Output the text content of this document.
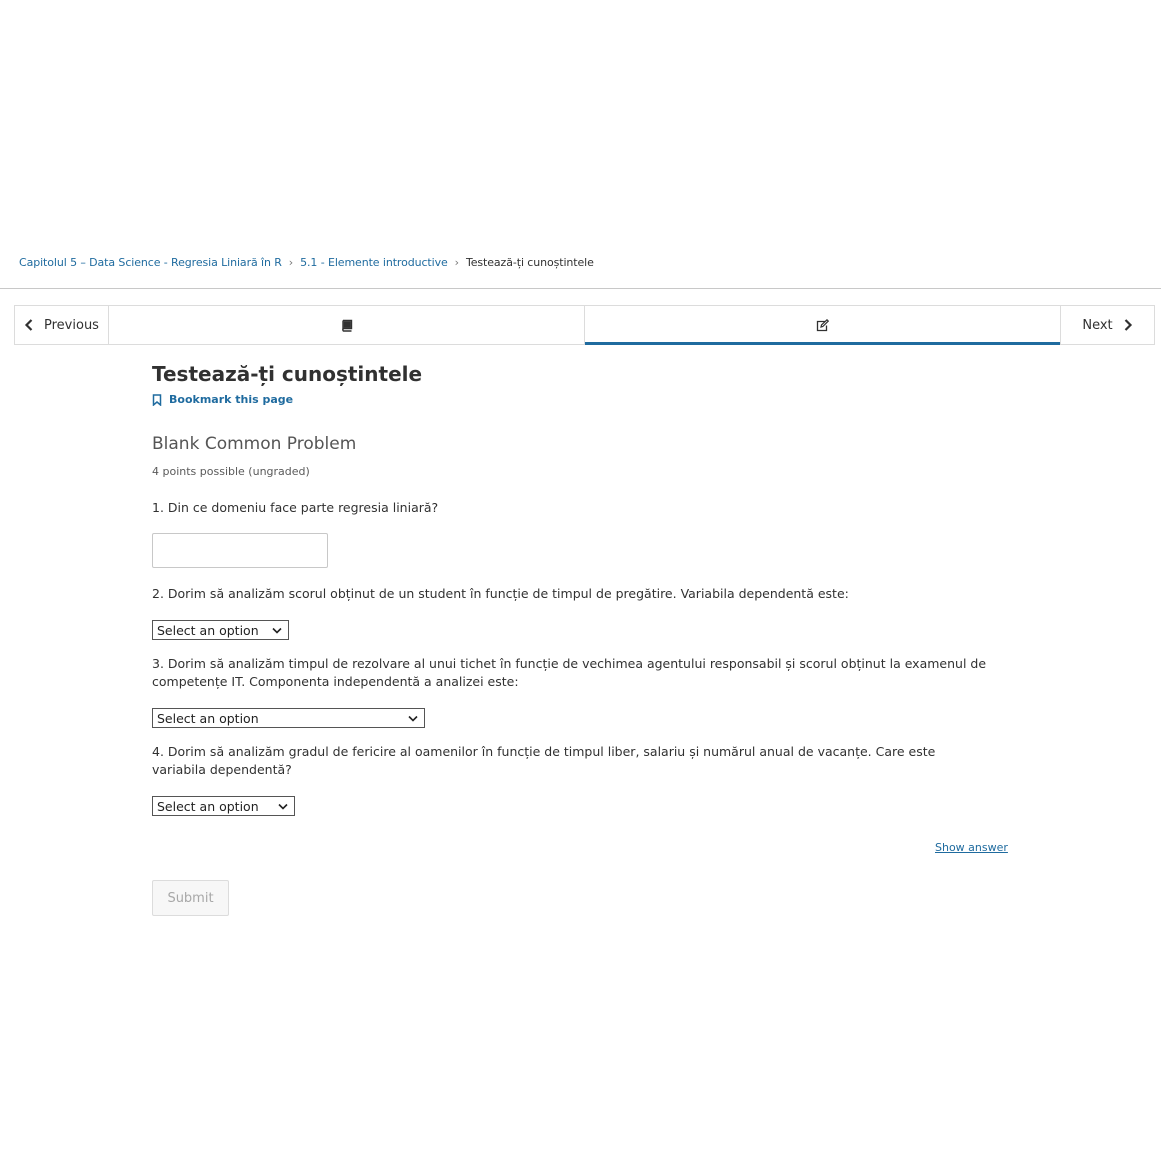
Capitolul 5 – Data Science - Regresia Liniară în R › 5.1 - Elemente introductive › Testează-ți cunoștintele
Previous	Next
Testează-ți cunoștintele
Bookmark this page
Blank Common Problem
4 points possible (ungraded)
1. Din ce domeniu face parte regresia liniară?
2. Dorim să analizăm scorul obținut de un student în funcție de timpul de pregătire. Variabila dependentă este:
Select an option
3. Dorim să analizăm timpul de rezolvare al unui tichet în funcție de vechimea agentului responsabil și scorul obținut la examenul de competențe IT. Componenta independentă a analizei este:
Select an option
4. Dorim să analizăm gradul de fericire al oamenilor în funcție de timpul liber, salariu și numărul anual de vacanțe. Care este variabila dependentă?
Select an option
Show answer
Submit
